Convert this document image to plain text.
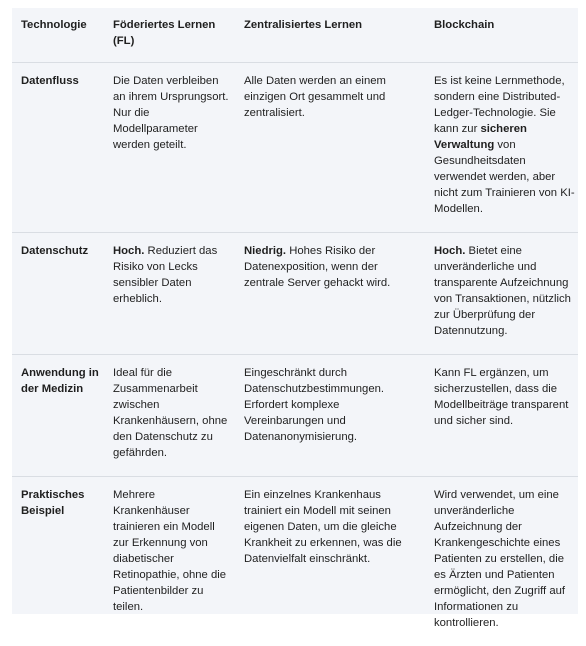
Technologie	Föderiertes Lernen (FL)	Zentralisiertes Lernen	Blockchain
Datenfluss	Die Daten verbleiben an ihrem Ursprungsort. Nur die Modellparameter werden geteilt.	Alle Daten werden an einem einzigen Ort gesammelt und zentralisiert.	Es ist keine Lernmethode, sondern eine Distributed-Ledger-Technologie. Sie kann zur sicheren Verwaltung von Gesundheitsdaten verwendet werden, aber nicht zum Trainieren von KI-Modellen.
Datenschutz	Hoch. Reduziert das Risiko von Lecks sensibler Daten erheblich.	Niedrig. Hohes Risiko der Datenexposition, wenn der zentrale Server gehackt wird.	Hoch. Bietet eine unveränderliche und transparente Aufzeichnung von Transaktionen, nützlich zur Überprüfung der Datennutzung.
Anwendung in der Medizin	Ideal für die Zusammenarbeit zwischen Krankenhäusern, ohne den Datenschutz zu gefährden.	Eingeschränkt durch Datenschutzbestimmungen. Erfordert komplexe Vereinbarungen und Datenanonymisierung.	Kann FL ergänzen, um sicherzustellen, dass die Modellbeiträge transparent und sicher sind.
Praktisches Beispiel	Mehrere Krankenhäuser trainieren ein Modell zur Erkennung von diabetischer Retinopathie, ohne die Patientenbilder zu teilen.	Ein einzelnes Krankenhaus trainiert ein Modell mit seinen eigenen Daten, um die gleiche Krankheit zu erkennen, was die Datenvielfalt einschränkt.	Wird verwendet, um eine unveränderliche Aufzeichnung der Krankengeschichte eines Patienten zu erstellen, die es Ärzten und Patienten ermöglicht, den Zugriff auf Informationen zu kontrollieren.
